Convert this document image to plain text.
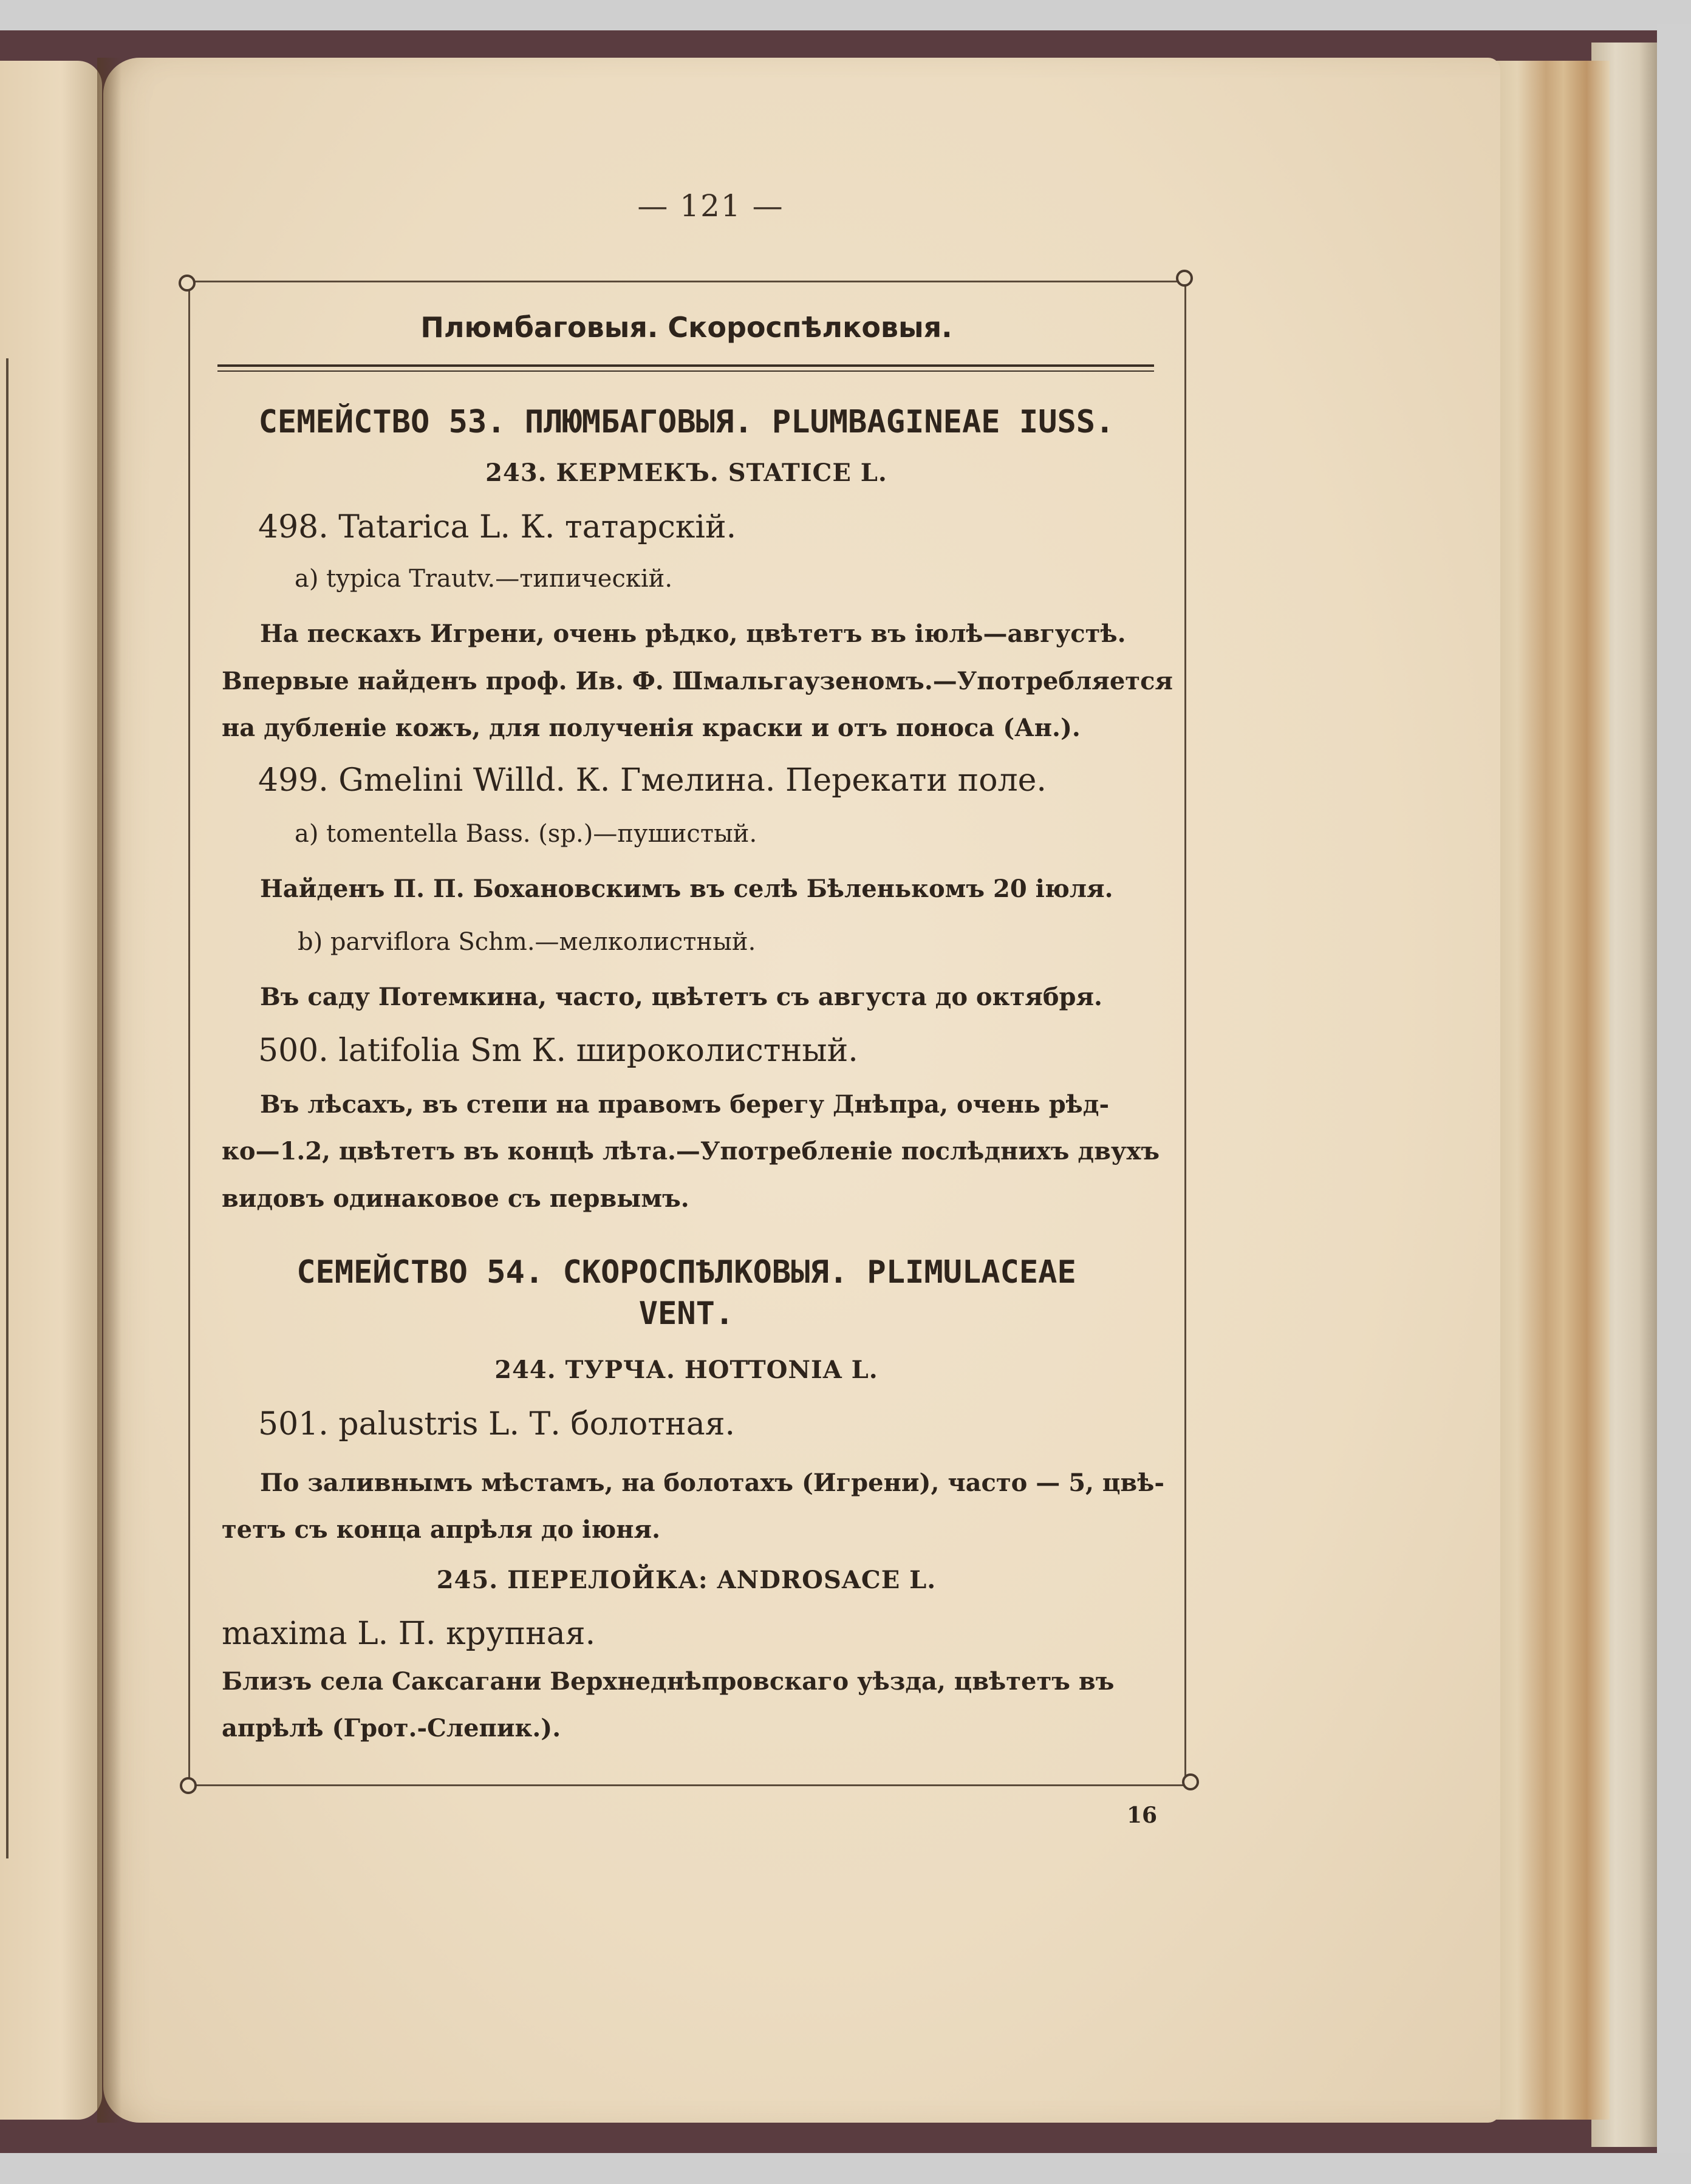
— 121 —
Плюмбаговыя. Скороспѣлковыя.
СЕМЕЙСТВО 53. ПЛЮМБАГОВЫЯ. PLUMBAGINEAE IUSS.
243. КЕРМЕКЪ. STATICE L.
498. Tatarica L. К. татарскій.
a) typica Trautv.—типическій.
На пескахъ Игрени, очень рѣдко, цвѣтетъ въ іюлѣ—августѣ.
Впервые найденъ проф. Ив. Ф. Шмальгаузеномъ.—Употребляется
на дубленіе кожъ, для полученія краски и отъ поноса (Ан.).
499. Gmelini Willd. К. Гмелина. Перекати поле.
a) tomentella Bass. (sp.)—пушистый.
Найденъ П. П. Бохановскимъ въ селѣ Бѣленькомъ 20 іюля.
b) parviflora Schm.—мелколистный.
Въ саду Потемкина, часто, цвѣтетъ съ августа до октября.
500. latifolia Sm К. широколистный.
Въ лѣсахъ, въ степи на правомъ берегу Днѣпра, очень рѣд-
ко—1.2, цвѣтетъ въ концѣ лѣта.—Употребленіе послѣднихъ двухъ
видовъ одинаковое съ первымъ.
СЕМЕЙСТВО 54. СКОРОСПѢЛКОВЫЯ. PLIMULACEAE
VENT.
244. ТУРЧА. HOTTONIA L.
501. palustris L. Т. болотная.
По заливнымъ мѣстамъ, на болотахъ (Игрени), часто — 5, цвѣ-
тетъ съ конца апрѣля до іюня.
245. ПЕРЕЛОЙКА: ANDROSACE L.
maxima L. П. крупная.
Близъ села Саксагани Верхнеднѣпровскаго уѣзда, цвѣтетъ въ
апрѣлѣ (Грот.-Слепик.).
16
